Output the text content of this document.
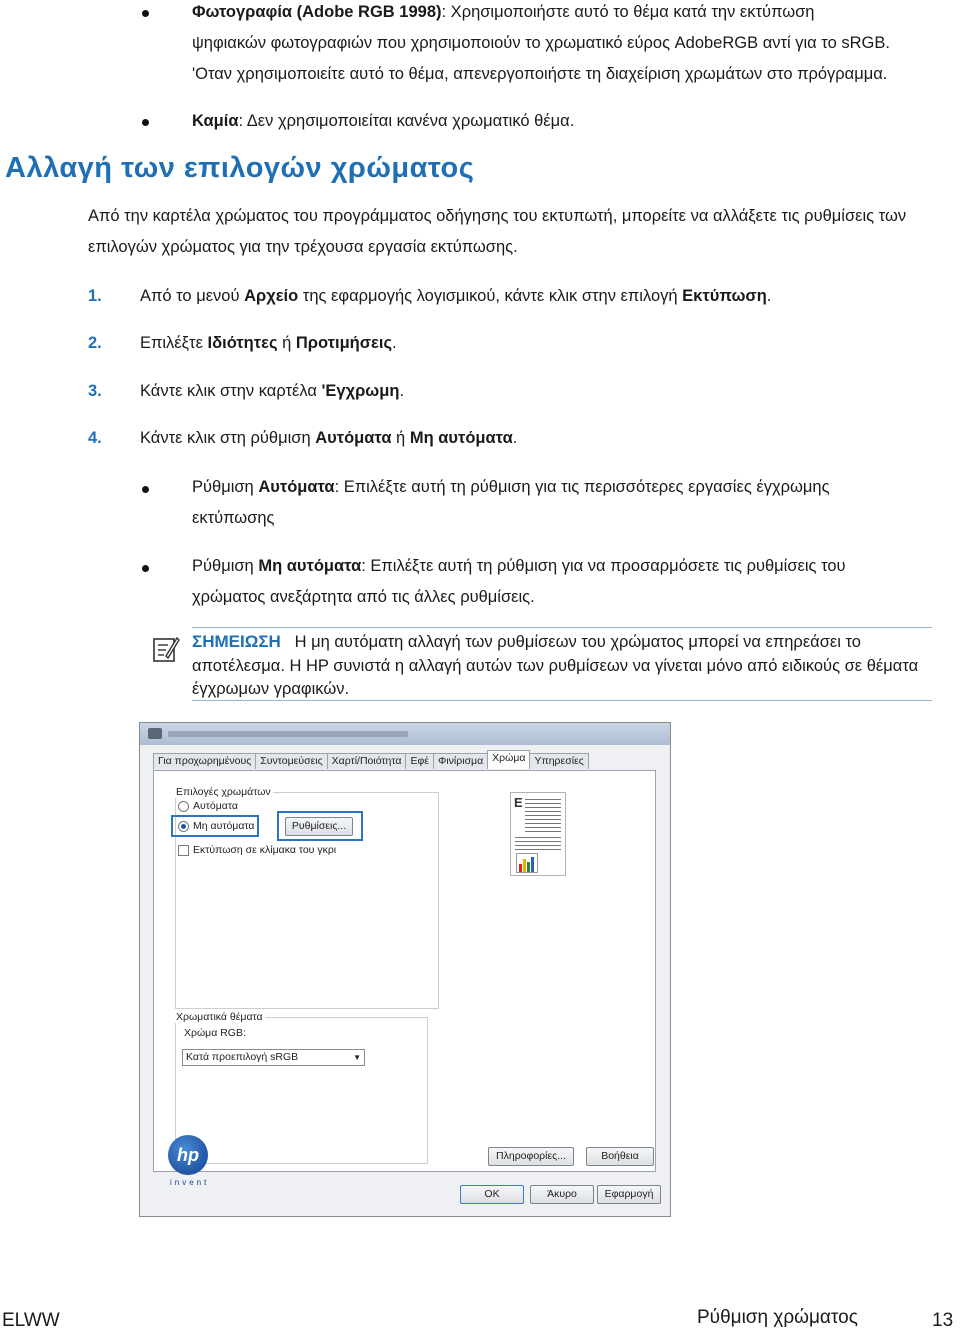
Φωτογραφία (Adobe RGB 1998): Χρησιμοποιήστε αυτό το θέμα κατά την εκτύπωση
ψηφιακών φωτογραφιών που χρησιμοποιούν το χρωματικό εύρος AdobeRGB αντί για το sRGB.
'Οταν χρησιμοποιείτε αυτό το θέμα, απενεργοποιήστε τη διαχείριση χρωμάτων στο πρόγραμμα.
Καμία: Δεν χρησιμοποιείται κανένα χρωματικό θέμα.
Αλλαγή των επιλογών χρώματος
Από την καρτέλα χρώματος του προγράμματος οδήγησης του εκτυπωτή, μπορείτε να αλλάξετε τις ρυθμίσεις των
επιλογών χρώματος για την τρέχουσα εργασία εκτύπωσης.
1. Από το μενού Αρχείο της εφαρμογής λογισμικού, κάντε κλικ στην επιλογή Εκτύπωση.
2. Επιλέξτε Ιδιότητες ή Προτιμήσεις.
3. Κάντε κλικ στην καρτέλα 'Εγχρωμη.
4. Κάντε κλικ στη ρύθμιση Αυτόματα ή Μη αυτόματα.
Ρύθμιση Αυτόματα: Επιλέξτε αυτή τη ρύθμιση για τις περισσότερες εργασίες έγχρωμης
εκτύπωσης
Ρύθμιση Μη αυτόματα: Επιλέξτε αυτή τη ρύθμιση για να προσαρμόσετε τις ρυθμίσεις του
χρώματος ανεξάρτητα από τις άλλες ρυθμίσεις.
ΣΗΜΕΙΩΣΗ Η μη αυτόματη αλλαγή των ρυθμίσεων του χρώματος μπορεί να επηρεάσει το
αποτέλεσμα. Η HP συνιστά η αλλαγή αυτών των ρυθμίσεων να γίνεται μόνο από ειδικούς σε θέματα
έγχρωμων γραφικών.
Για προχωρημένους Συντομεύσεις Χαρτί/Ποιότητα Εφέ Φινίρισμα Χρώμα Υπηρεσίες
Επιλογές χρωμάτων
Αυτόματα
Μη αυτόματα	Ρυθμίσεις...
Εκτύπωση σε κλίμακα του γκρι
E
Χρωματικά θέματα
Χρώμα RGB:
Κατά προεπιλογή sRGB	▼
hp
invent
Πληροφορίες...	Βοήθεια
OK	Άκυρο	Εφαρμογή
ELWW	Ρύθμιση χρώματος	13
